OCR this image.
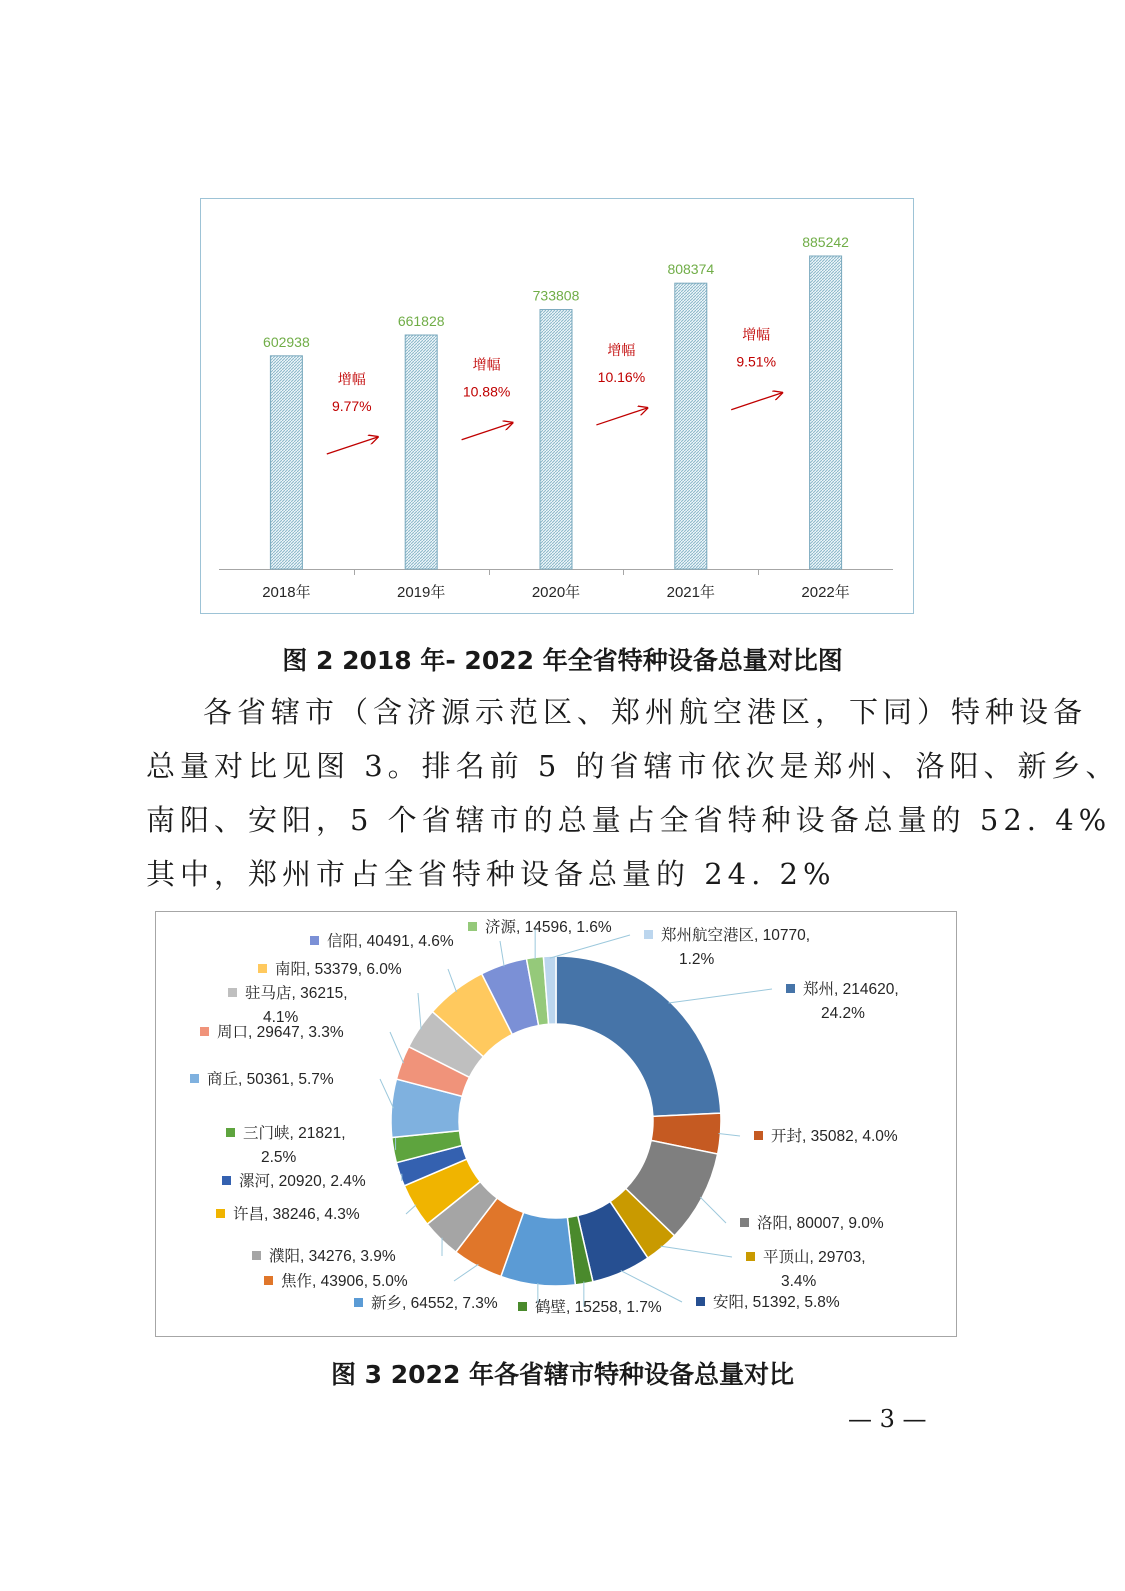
602938
2018年
661828
2019年
733808
2020年
808374
2021年
885242
2022年
增幅
9.77%
增幅
10.88%
增幅
10.16%
增幅
9.51%
图 2 2018 年- 2022 年全省特种设备总量对比图
各省辖市（含济源示范区、郑州航空港区，下同）特种设备
总量对比见图 3。排名前 5 的省辖市依次是郑州、洛阳、新乡、
南阳、安阳，5 个省辖市的总量占全省特种设备总量的 52. 4%
其中，郑州市占全省特种设备总量的 24. 2%
郑州, 214620,
24.2%
开封, 35082, 4.0%
洛阳, 80007, 9.0%
平顶山, 29703,
3.4%
安阳, 51392, 5.8%
鹤壁, 15258, 1.7%
新乡, 64552, 7.3%
焦作, 43906, 5.0%
濮阳, 34276, 3.9%
许昌, 38246, 4.3%
漯河, 20920, 2.4%
三门峡, 21821,
2.5%
商丘, 50361, 5.7%
周口, 29647, 3.3%
驻马店, 36215,
4.1%
南阳, 53379, 6.0%
信阳, 40491, 4.6%
济源, 14596, 1.6%	郑州航空港区, 10770,
1.2%
图 3 2022 年各省辖市特种设备总量对比
— 3 —
